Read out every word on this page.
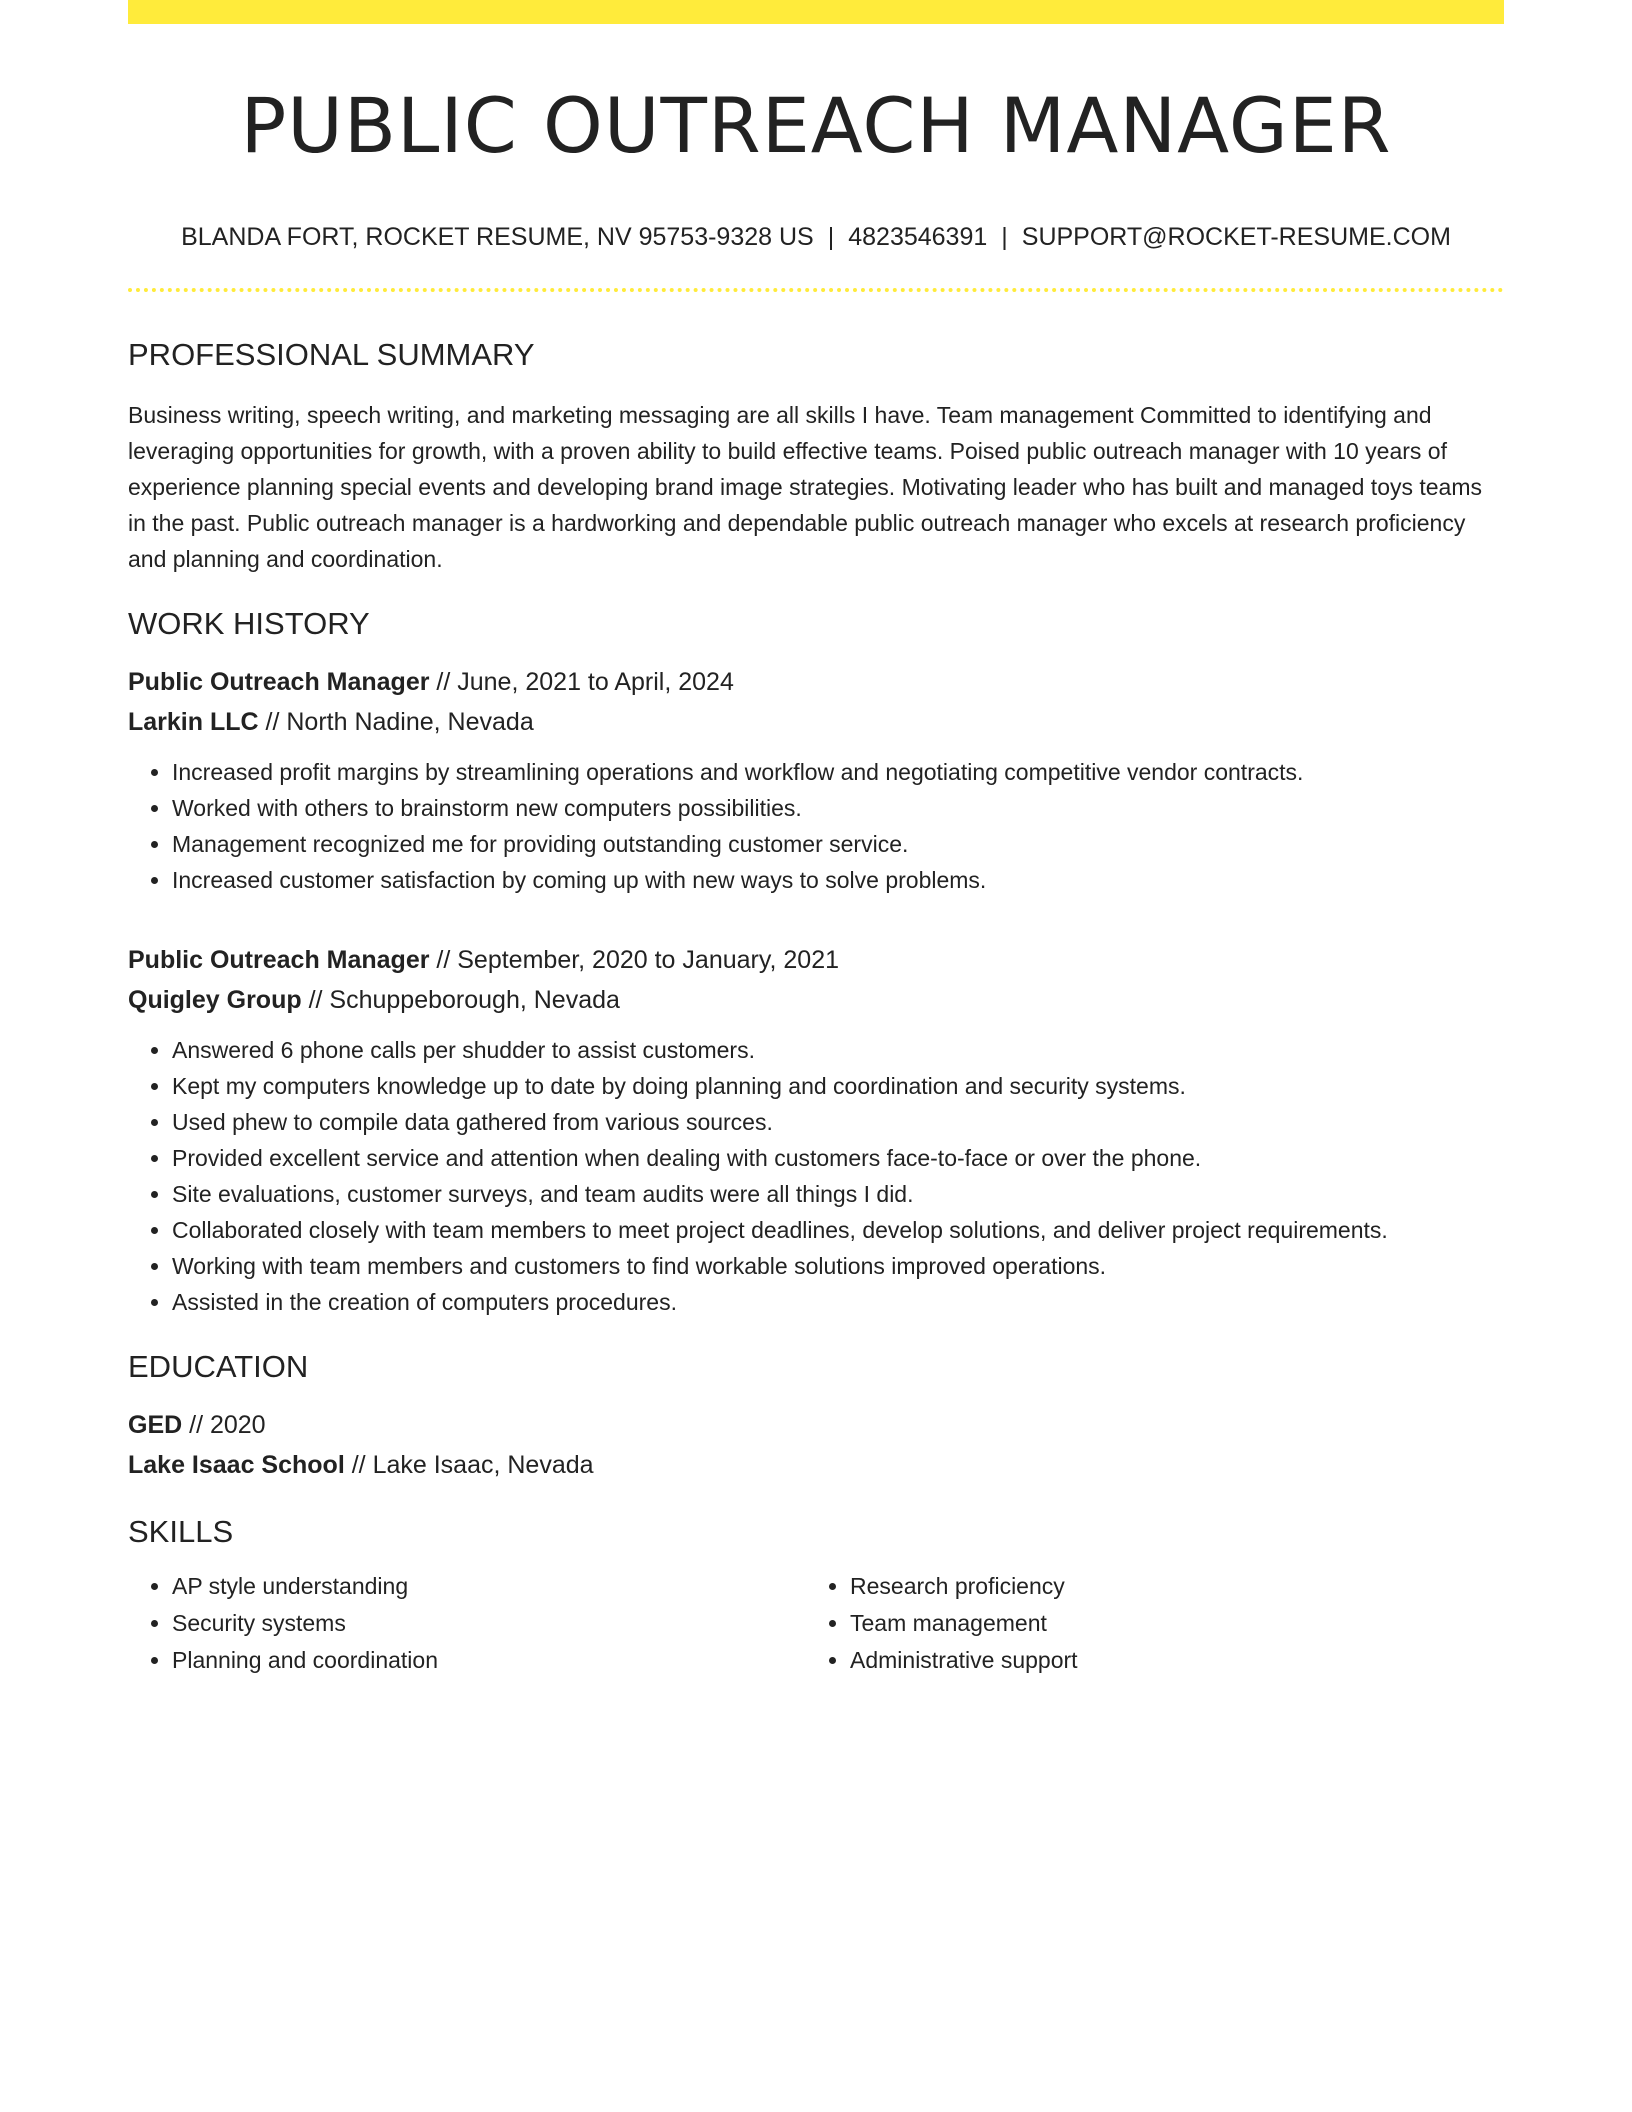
PUBLIC OUTREACH MANAGER
BLANDA FORT, ROCKET RESUME, NV 95753-9328 US | 4823546391 | SUPPORT@ROCKET-RESUME.COM
PROFESSIONAL SUMMARY

Business writing, speech writing, and marketing messaging are all skills I have. Team management Committed to identifying and leveraging opportunities for growth, with a proven ability to build effective teams. Poised public outreach manager with 10 years of experience planning special events and developing brand image strategies. Motivating leader who has built and managed toys teams in the past. Public outreach manager is a hardworking and dependable public outreach manager who excels at research proficiency and planning and coordination.

WORK HISTORY
Public Outreach Manager // June, 2021 to April, 2024
Larkin LLC // North Nadine, Nevada
• Increased profit margins by streamlining operations and workflow and negotiating competitive vendor contracts.
• Worked with others to brainstorm new computers possibilities.
• Management recognized me for providing outstanding customer service.
• Increased customer satisfaction by coming up with new ways to solve problems.
Public Outreach Manager // September, 2020 to January, 2021
Quigley Group // Schuppeborough, Nevada
• Answered 6 phone calls per shudder to assist customers.
• Kept my computers knowledge up to date by doing planning and coordination and security systems.
• Used phew to compile data gathered from various sources.
• Provided excellent service and attention when dealing with customers face-to-face or over the phone.
• Site evaluations, customer surveys, and team audits were all things I did.
• Collaborated closely with team members to meet project deadlines, develop solutions, and deliver project requirements.
• Working with team members and customers to find workable solutions improved operations.
• Assisted in the creation of computers procedures.
EDUCATION
GED // 2020
Lake Isaac School // Lake Isaac, Nevada
SKILLS
• AP style understanding
• Security systems
• Planning and coordination
• Research proficiency
• Team management
• Administrative support
